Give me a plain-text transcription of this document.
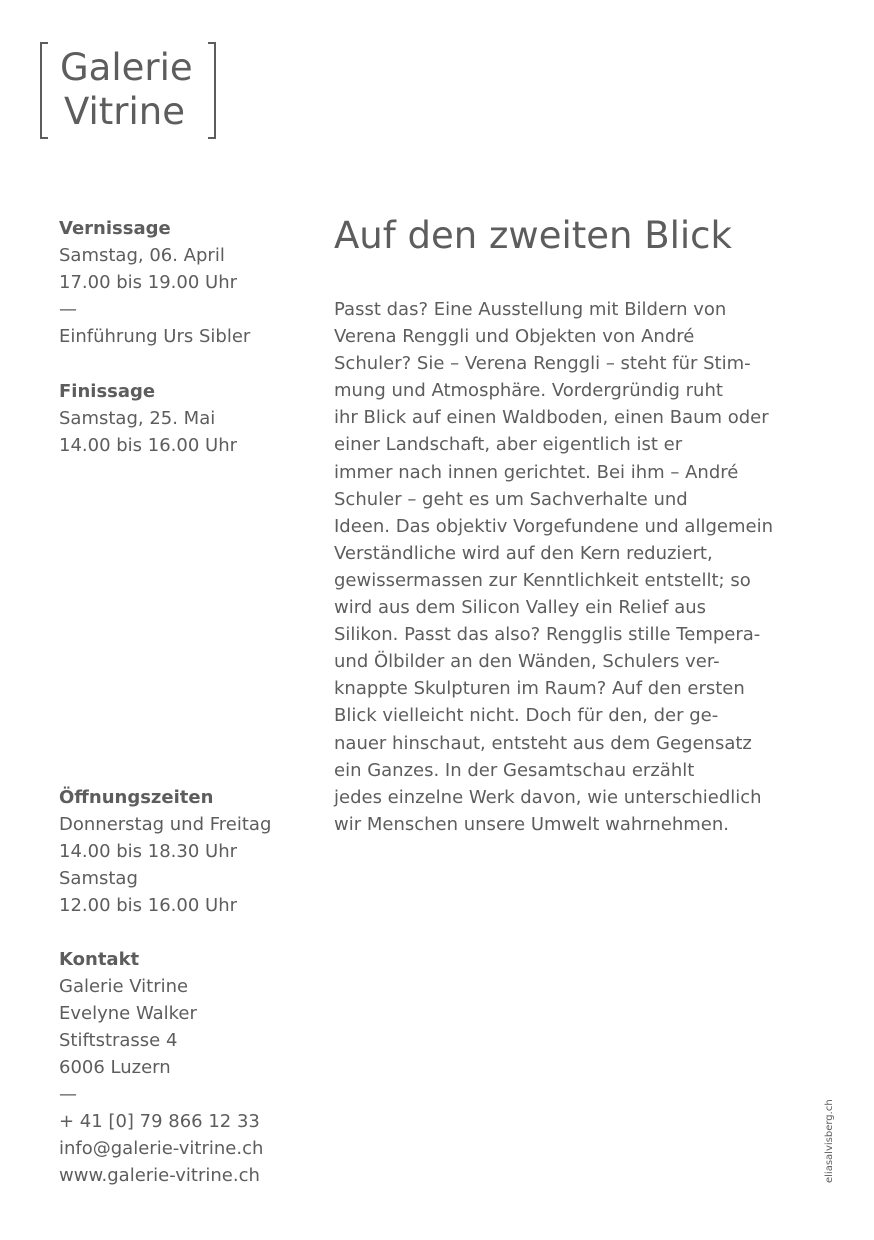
Galerie
Vitrine
Vernissage
Samstag, 06. April
17.00 bis 19.00 Uhr
—
Einführung Urs Sibler
Finissage
Samstag, 25. Mai
14.00 bis 16.00 Uhr
Öffnungszeiten
Donnerstag und Freitag
14.00 bis 18.30 Uhr
Samstag
12.00 bis 16.00 Uhr
Kontakt
Galerie Vitrine
Evelyne Walker
Stiftstrasse 4
6006 Luzern
—
+ 41 [0] 79 866 12 33
info@galerie-vitrine.ch
www.galerie-vitrine.ch
Auf den zweiten Blick
Passt das? Eine Ausstellung mit Bildern von
Verena Renggli und Objekten von André
Schuler? Sie – Verena Renggli – steht für Stim-
mung und Atmosphäre. Vordergründig ruht
ihr Blick auf einen Waldboden, einen Baum oder
einer Landschaft, aber eigentlich ist er
immer nach innen gerichtet. Bei ihm – André
Schuler – geht es um Sachverhalte und
Ideen. Das objektiv Vorgefundene und allgemein
Verständliche wird auf den Kern reduziert,
gewissermassen zur Kenntlichkeit entstellt; so
wird aus dem Silicon Valley ein Relief aus
Silikon. Passt das also? Rengglis stille Tempera-
und Ölbilder an den Wänden, Schulers ver-
knappte Skulpturen im Raum? Auf den ersten
Blick vielleicht nicht. Doch für den, der ge-
nauer hinschaut, entsteht aus dem Gegensatz
ein Ganzes. In der Gesamtschau erzählt
jedes einzelne Werk davon, wie unterschiedlich
wir Menschen unsere Umwelt wahrnehmen.
eliasalvisberg.ch
